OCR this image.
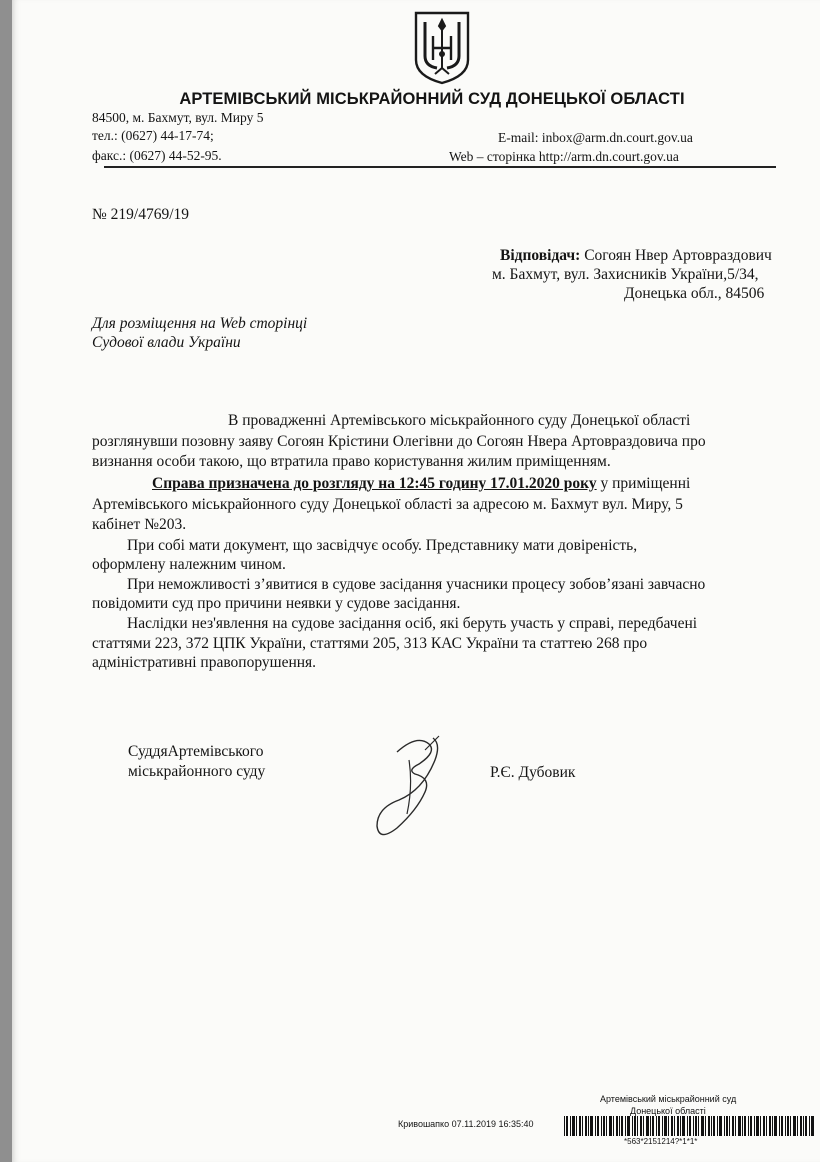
АРТЕМІВСЬКИЙ МІСЬКРАЙОННИЙ СУД ДОНЕЦЬКОЇ ОБЛАСТІ
84500, м. Бахмут, вул. Миру 5
тел.: (0627) 44-17-74;
факс.: (0627) 44-52-95.
E-mail: inbox@arm.dn.court.gov.ua
Web – сторінка http://arm.dn.court.gov.ua
№ 219/4769/19
Відповідач: Согоян Нвер Артовраздович
м. Бахмут, вул. Захисників України,5/34,
Донецька обл., 84506
Для розміщення на Web сторінці
Судової влади України
В провадженні Артемівського міськрайонного суду Донецької області
розглянувши позовну заяву Согоян Крістини Олегівни до Согоян Нвера Артовраздовича про
визнання особи такою, що втратила право користування жилим приміщенням.
Справа призначена до розгляду на 12:45 годину 17.01.2020 року у приміщенні
Артемівського міськрайонного суду Донецької області за адресою м. Бахмут вул. Миру, 5
кабінет №203.
При собі мати документ, що засвідчує особу. Представнику мати довіреність,
оформлену належним чином.
При неможливості з’явитися в судове засідання учасники процесу зобов’язані завчасно
повідомити суд про причини неявки у судове засідання.
Наслідки нез'явлення на судове засідання осіб, які беруть участь у справі, передбачені
статтями 223, 372 ЦПК України, статтями 205, 313 КАС України та статтею 268 про
адміністративні правопорушення.
СуддяАртемівського
міськрайонного суду	Р.Є. Дубовик
Артемівський міськрайонний суд
Донецької області
Кривошапко 07.11.2019 16:35:40
*563*2151214?*1*1*
